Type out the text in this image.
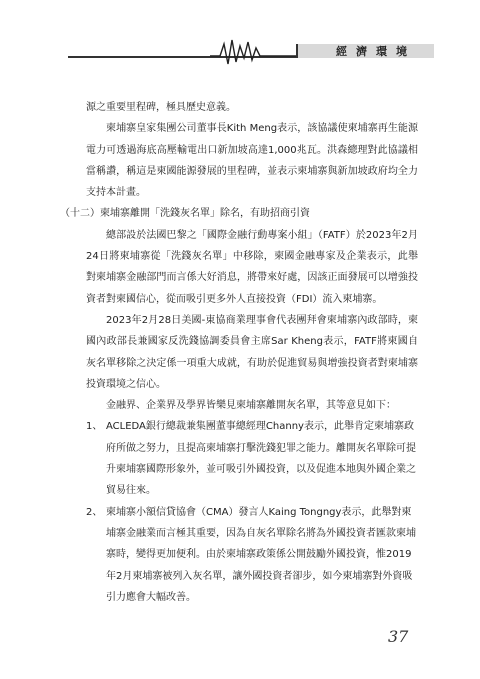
經濟環境

源之重要里程碑，極具歷史意義。

柬埔寨皇家集團公司董事長Kith Meng表示，該協議使柬埔寨再生能源電力可透過海底高壓輸電出口新加坡高達1,000兆瓦。洪森總理對此協議相當稱讚，稱這是柬國能源發展的里程碑，並表示柬埔寨與新加坡政府均全力支持本計畫。

（十二）柬埔寨離開「洗錢灰名單」除名，有助招商引資

總部設於法國巴黎之「國際金融行動專案小組」（FATF）於2023年2月24日將柬埔寨從「洗錢灰名單」中移除，柬國金融專家及企業表示，此舉對柬埔寨金融部門而言係大好消息，將帶來好處，因該正面發展可以增強投資者對柬國信心，從而吸引更多外人直接投資（FDI）流入柬埔寨。

2023年2月28日美國-東協商業理事會代表團拜會柬埔寨內政部時，柬國內政部長兼國家反洗錢協調委員會主席Sar Kheng表示，FATF將柬國自灰名單移除之決定係一項重大成就，有助於促進貿易與增強投資者對柬埔寨投資環境之信心。

金融界、企業界及學界皆樂見柬埔寨離開灰名單，其等意見如下：

1、 ACLEDA銀行總裁兼集團董事總經理Channy表示，此舉肯定柬埔寨政府所做之努力，且提高柬埔寨打擊洗錢犯罪之能力。離開灰名單除可提升柬埔寨國際形象外，並可吸引外國投資，以及促進本地與外國企業之貿易往來。
2、 柬埔寨小額信貸協會（CMA）發言人Kaing Tongngy表示，此舉對柬埔寨金融業而言極其重要，因為自灰名單除名將為外國投資者匯款柬埔寨時，變得更加便利。由於柬埔寨政策係公開鼓勵外國投資，惟2019年2月柬埔寨被列入灰名單，讓外國投資者卻步，如今柬埔寨對外資吸引力應會大幅改善。
37
